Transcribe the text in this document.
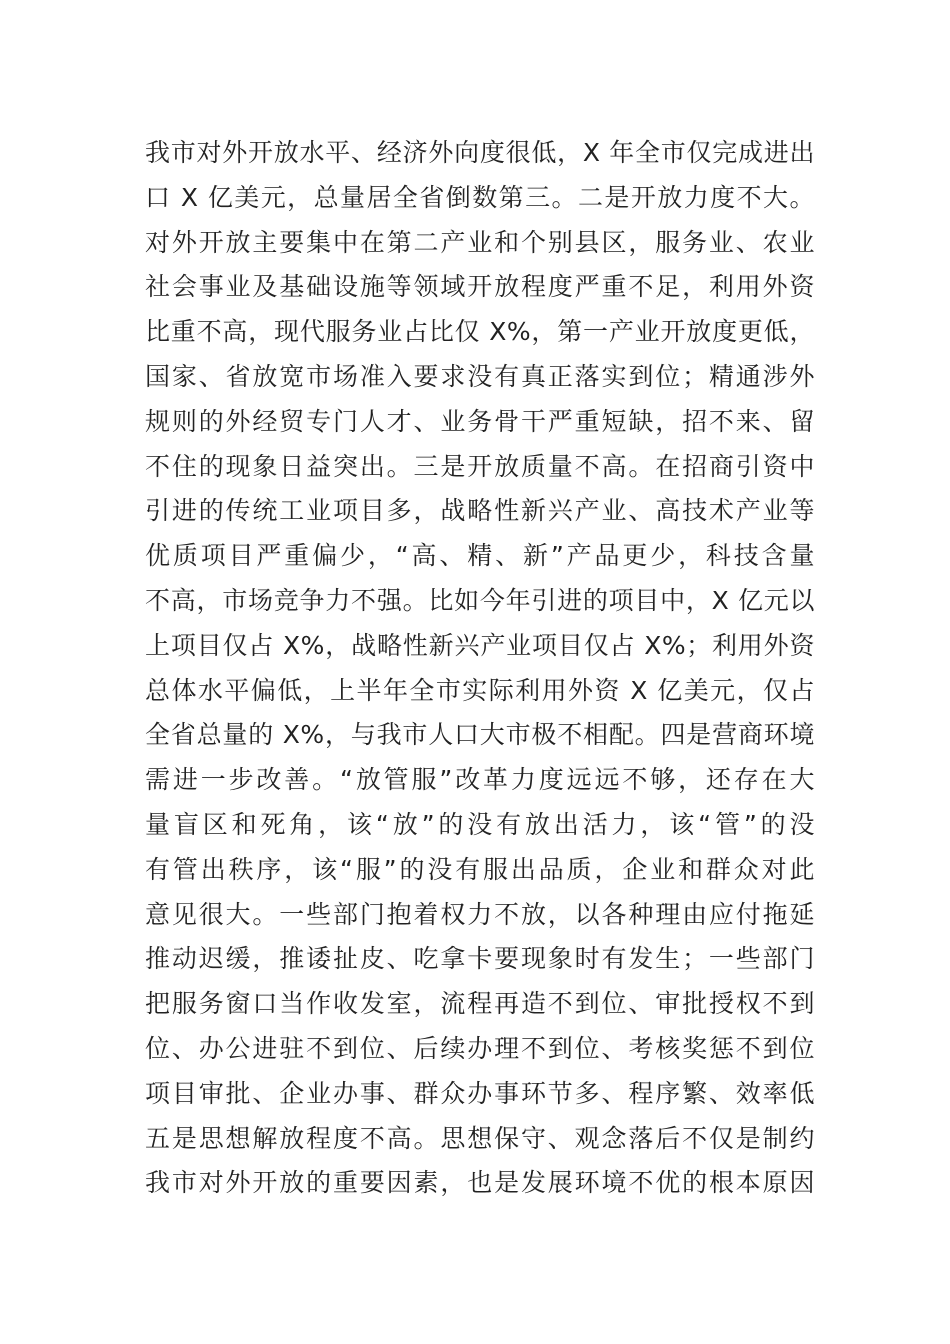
我市对外开放水平、经济外向度很低，X 年全市仅完成进出
口 X 亿美元，总量居全省倒数第三。二是开放力度不大。
对外开放主要集中在第二产业和个别县区，服务业、农业
社会事业及基础设施等领域开放程度严重不足，利用外资
比重不高，现代服务业占比仅 X%，第一产业开放度更低，
国家、省放宽市场准入要求没有真正落实到位；精通涉外
规则的外经贸专门人才、业务骨干严重短缺，招不来、留
不住的现象日益突出。三是开放质量不高。在招商引资中
引进的传统工业项目多，战略性新兴产业、高技术产业等
优质项目严重偏少，“高、精、新”产品更少，科技含量
不高，市场竞争力不强。比如今年引进的项目中，X 亿元以
上项目仅占 X%，战略性新兴产业项目仅占 X%；利用外资
总体水平偏低，上半年全市实际利用外资 X 亿美元，仅占
全省总量的 X%，与我市人口大市极不相配。四是营商环境
需进一步改善。“放管服”改革力度远远不够，还存在大
量盲区和死角，该“放”的没有放出活力，该“管”的没
有管出秩序，该“服”的没有服出品质，企业和群众对此
意见很大。一些部门抱着权力不放，以各种理由应付拖延
推动迟缓，推诿扯皮、吃拿卡要现象时有发生；一些部门
把服务窗口当作收发室，流程再造不到位、审批授权不到
位、办公进驻不到位、后续办理不到位、考核奖惩不到位
项目审批、企业办事、群众办事环节多、程序繁、效率低
五是思想解放程度不高。思想保守、观念落后不仅是制约
我市对外开放的重要因素，也是发展环境不优的根本原因
